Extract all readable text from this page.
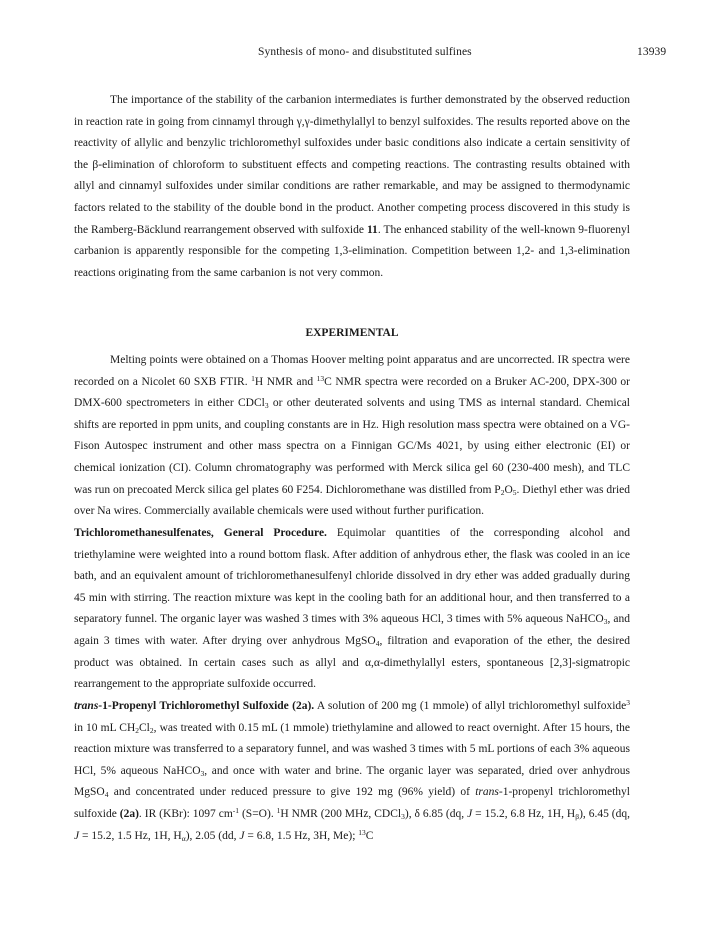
Synthesis of mono- and disubstituted sulfines	13939

The importance of the stability of the carbanion intermediates is further demonstrated by the observed reduction in reaction rate in going from cinnamyl through γ,γ-dimethylallyl to benzyl sulfoxides. The results reported above on the reactivity of allylic and benzylic trichloromethyl sulfoxides under basic conditions also indicate a certain sensitivity of the β-elimination of chloroform to substituent effects and competing reactions. The contrasting results obtained with allyl and cinnamyl sulfoxides under similar conditions are rather remarkable, and may be assigned to thermodynamic factors related to the stability of the double bond in the product. Another competing process discovered in this study is the Ramberg-Bäcklund rearrangement observed with sulfoxide 11. The enhanced stability of the well-known 9-fluorenyl carbanion is apparently responsible for the competing 1,3-elimination. Competition between 1,2- and 1,3-elimination reactions originating from the same carbanion is not very common.

EXPERIMENTAL

Melting points were obtained on a Thomas Hoover melting point apparatus and are uncorrected. IR spectra were recorded on a Nicolet 60 SXB FTIR. $^1$H NMR and $^{13}$C NMR spectra were recorded on a Bruker AC-200, DPX-300 or DMX-600 spectrometers in either CDCl$_3$ or other deuterated solvents and using TMS as internal standard. Chemical shifts are reported in ppm units, and coupling constants are in Hz. High resolution mass spectra were obtained on a VG-Fison Autospec instrument and other mass spectra on a Finnigan GC/Ms 4021, by using either electronic (EI) or chemical ionization (CI). Column chromatography was performed with Merck silica gel 60 (230-400 mesh), and TLC was run on precoated Merck silica gel plates 60 F254. Dichloromethane was distilled from $P_2O_5$. Diethyl ether was dried over Na wires. Commercially available chemicals were used without further purification.

Trichloromethanesulfenates, General Procedure. Equimolar quantities of the corresponding alcohol and triethylamine were weighted into a round bottom flask. After addition of anhydrous ether, the flask was cooled in an ice bath, and an equivalent amount of trichloromethanesulfenyl chloride dissolved in dry ether was added gradually during 45 min with stirring. The reaction mixture was kept in the cooling bath for an additional hour, and then transferred to a separatory funnel. The organic layer was washed 3 times with 3% aqueous HCl, 3 times with 5% aqueous NaHCO$_3$, and again 3 times with water. After drying over anhydrous MgSO$_4$, filtration and evaporation of the ether, the desired product was obtained. In certain cases such as allyl and α,α-dimethylallyl esters, spontaneous [2,3]-sigmatropic rearrangement to the appropriate sulfoxide occurred.

trans-1-Propenyl Trichloromethyl Sulfoxide (2a). A solution of 200 mg (1 mmole) of allyl trichloromethyl sulfoxide$^3$ in 10 mL $CH_2Cl_2$, was treated with 0.15 mL (1 mmole) triethylamine and allowed to react overnight. After 15 hours, the reaction mixture was transferred to a separatory funnel, and was washed 3 times with 5 mL portions of each 3% aqueous HCl, 5% aqueous NaHCO$_3$, and once with water and brine. The organic layer was separated, dried over anhydrous MgSO$_4$ and concentrated under reduced pressure to give 192 mg (96% yield) of trans-1-propenyl trichloromethyl sulfoxide (2a). IR (KBr): 1097 $cm^{-1}$ (S=O). $^1$H NMR (200 MHz, CDCl$_3$), δ 6.85 (dq, J = 15.2, 6.8 Hz, 1H, $H_\beta$), 6.45 (dq, J = 15.2, 1.5 Hz, 1H, $H_\alpha$), 2.05 (dd, J = 6.8, 1.5 Hz, 3H, Me); $^{13}$C
